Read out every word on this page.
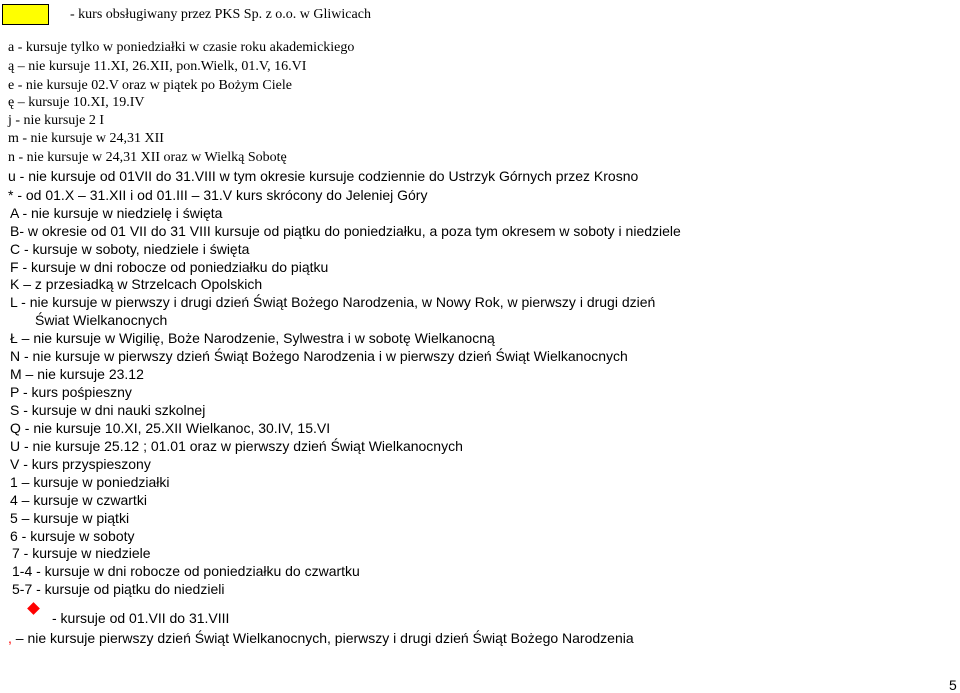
- kurs obsługiwany przez PKS Sp. z o.o. w Gliwicach
a - kursuje tylko w poniedziałki w czasie roku akademickiego
ą – nie kursuje 11.XI, 26.XII, pon.Wielk, 01.V, 16.VI
e - nie kursuje 02.V oraz w piątek po Bożym Ciele
ę – kursuje 10.XI, 19.IV
j - nie kursuje 2 I
m - nie kursuje w 24,31 XII
n - nie kursuje w 24,31 XII oraz w Wielką Sobotę
u - nie kursuje od 01VII do 31.VIII w tym okresie kursuje codziennie do Ustrzyk Górnych przez Krosno
* - od 01.X – 31.XII i od 01.III – 31.V kurs skrócony do Jeleniej Góry
A - nie kursuje w niedzielę i święta
B- w okresie od 01 VII do 31 VIII kursuje od piątku do poniedziałku, a poza tym okresem w soboty i niedziele
C - kursuje w soboty, niedziele i święta
F - kursuje w dni robocze od poniedziałku do piątku
K – z przesiadką w Strzelcach Opolskich
L - nie kursuje w pierwszy i drugi dzień Świąt Bożego Narodzenia, w Nowy Rok, w pierwszy i drugi dzień
Świat Wielkanocnych
Ł – nie kursuje w Wigilię, Boże Narodzenie, Sylwestra i w sobotę Wielkanocną
N - nie kursuje w pierwszy dzień Świąt Bożego Narodzenia i w pierwszy dzień Świąt Wielkanocnych
M – nie kursuje 23.12
P - kurs pośpieszny
S - kursuje w dni nauki szkolnej
Q - nie kursuje 10.XI, 25.XII Wielkanoc, 30.IV, 15.VI
U - nie kursuje 25.12 ; 01.01 oraz w pierwszy dzień Świąt Wielkanocnych
V - kurs przyspieszony
1 – kursuje w poniedziałki
4 – kursuje w czwartki
5 – kursuje w piątki
6 - kursuje w soboty
7 - kursuje w niedziele
1-4 - kursuje w dni robocze od poniedziałku do czwartku
5-7 - kursuje od piątku do niedzieli
- kursuje od 01.VII do 31.VIII
, – nie kursuje pierwszy dzień Świąt Wielkanocnych, pierwszy i drugi dzień Świąt Bożego Narodzenia
5
